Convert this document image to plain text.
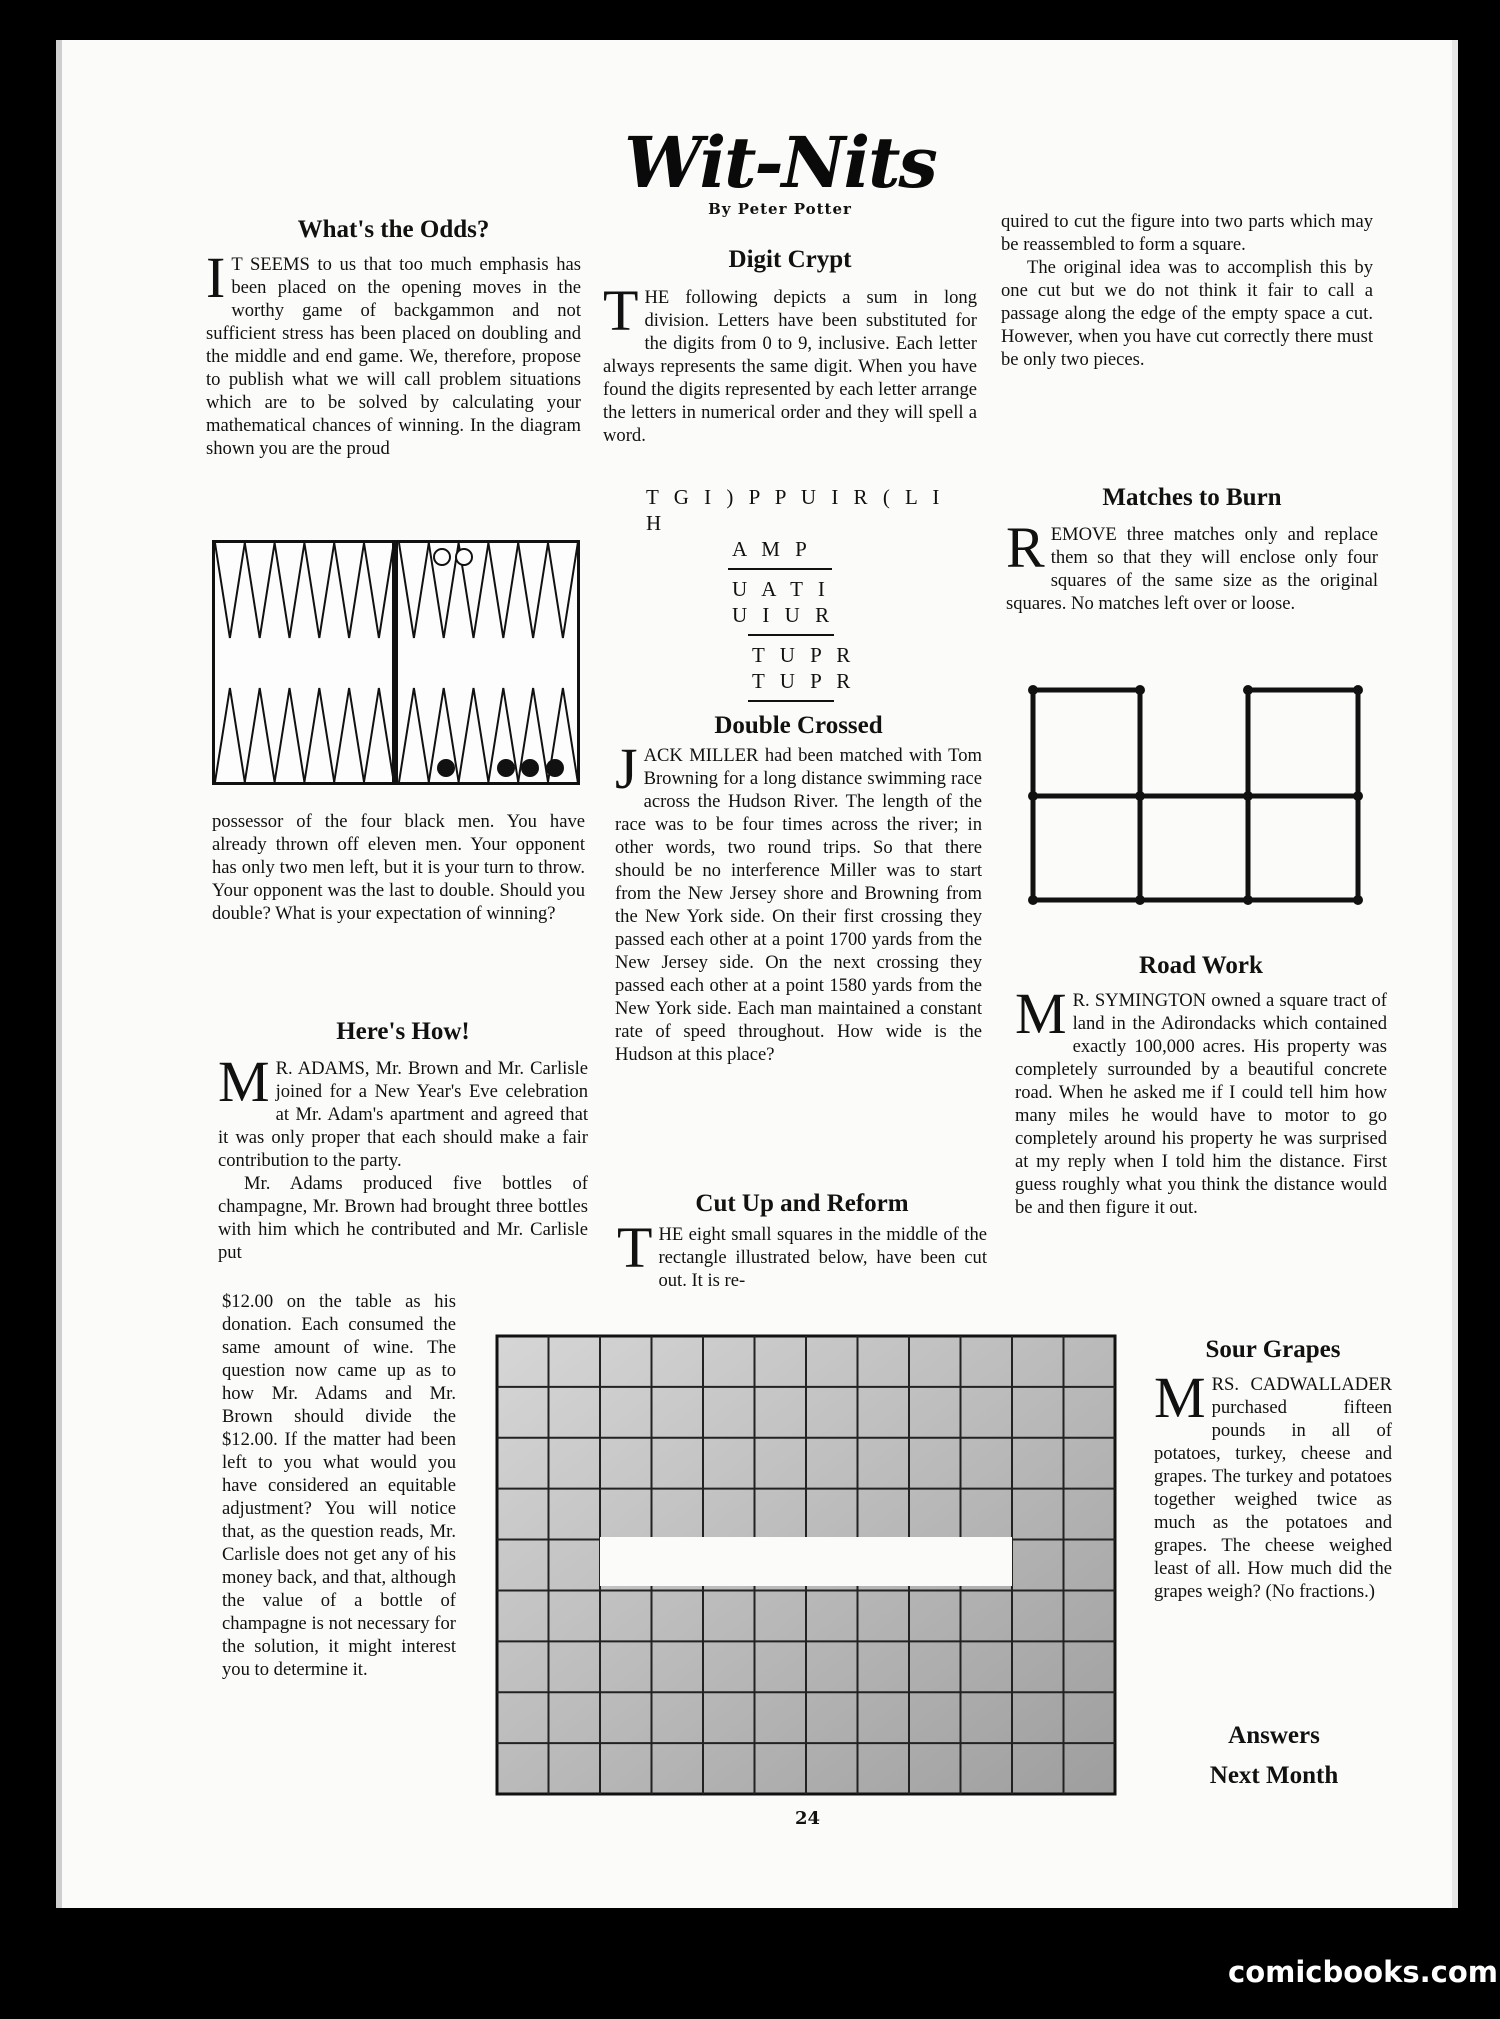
Wit-Nits
By Peter Potter
What's the Odds?

I T SEEMS to us that too much emphasis has been placed on the opening moves in the worthy game of backgammon and not sufficient stress has been placed on doubling and the middle and end game. We, therefore, propose to publish what we will call problem situations which are to be solved by calculating your mathematical chances of winning. In the diagram shown you are the proud

possessor of the four black men. You have already thrown off eleven men. Your opponent has only two men left, but it is your turn to throw. Your opponent was the last to double. Should you double? What is your expectation of winning?

Here's How!

M R. ADAMS, Mr. Brown and Mr. Carlisle joined for a New Year's Eve celebration at Mr. Adam's apartment and agreed that it was only proper that each should make a fair contribution to the party.

Mr. Adams produced five bottles of champagne, Mr. Brown had brought three bottles with him which he contributed and Mr. Carlisle put

$12.00 on the table as his donation. Each consumed the same amount of wine. The question now came up as to how Mr. Adams and Mr. Brown should divide the $12.00. If the matter had been left to you what would you have considered an equitable adjustment? You will notice that, as the question reads, Mr. Carlisle does not get any of his money back, and that, although the value of a bottle of champagne is not necessary for the solution, it might interest you to determine it.

Digit Crypt

THE following depicts a sum in long division. Letters have been substituted for the digits from 0 to 9, inclusive. Each letter always represents the same digit. When you have found the digits represented by each letter arrange the letters in numerical order and they will spell a word.

T G I ) P P U I R ( L I H
A M P
U A T I
U I U R
T U P R
T U P R
Double Crossed

JACK MILLER had been matched with Tom Browning for a long distance swimming race across the Hudson River. The length of the race was to be four times across the river; in other words, two round trips. So that there should be no interference Miller was to start from the New Jersey shore and Browning from the New York side. On their first crossing they passed each other at a point 1700 yards from the New Jersey side. On the next crossing they passed each other at a point 1580 yards from the New York side. Each man maintained a constant rate of speed throughout. How wide is the Hudson at this place?

Cut Up and Reform

THE eight small squares in the middle of the rectangle illustrated below, have been cut out. It is re-

quired to cut the figure into two parts which may be reassembled to form a square.

The original idea was to accomplish this by one cut but we do not think it fair to call a passage along the edge of the empty space a cut. However, when you have cut correctly there must be only two pieces.

Matches to Burn

REMOVE three matches only and replace them so that they will enclose only four squares of the same size as the original squares. No matches left over or loose.

Road Work

M R. SYMINGTON owned a square tract of land in the Adirondacks which contained exactly 100,000 acres. His property was completely surrounded by a beautiful concrete road. When he asked me if I could tell him how many miles he would have to motor to go completely around his property he was surprised at my reply when I told him the distance. First guess roughly what you think the distance would be and then figure it out.

Sour Grapes

MRS. CADWALLADER purchased fifteen pounds in all of potatoes, turkey, cheese and grapes. The turkey and potatoes together weighed twice as much as the potatoes and grapes. The cheese weighed least of all. How much did the grapes weigh? (No fractions.)

Answers
Next Month
24
comicbooks.com
